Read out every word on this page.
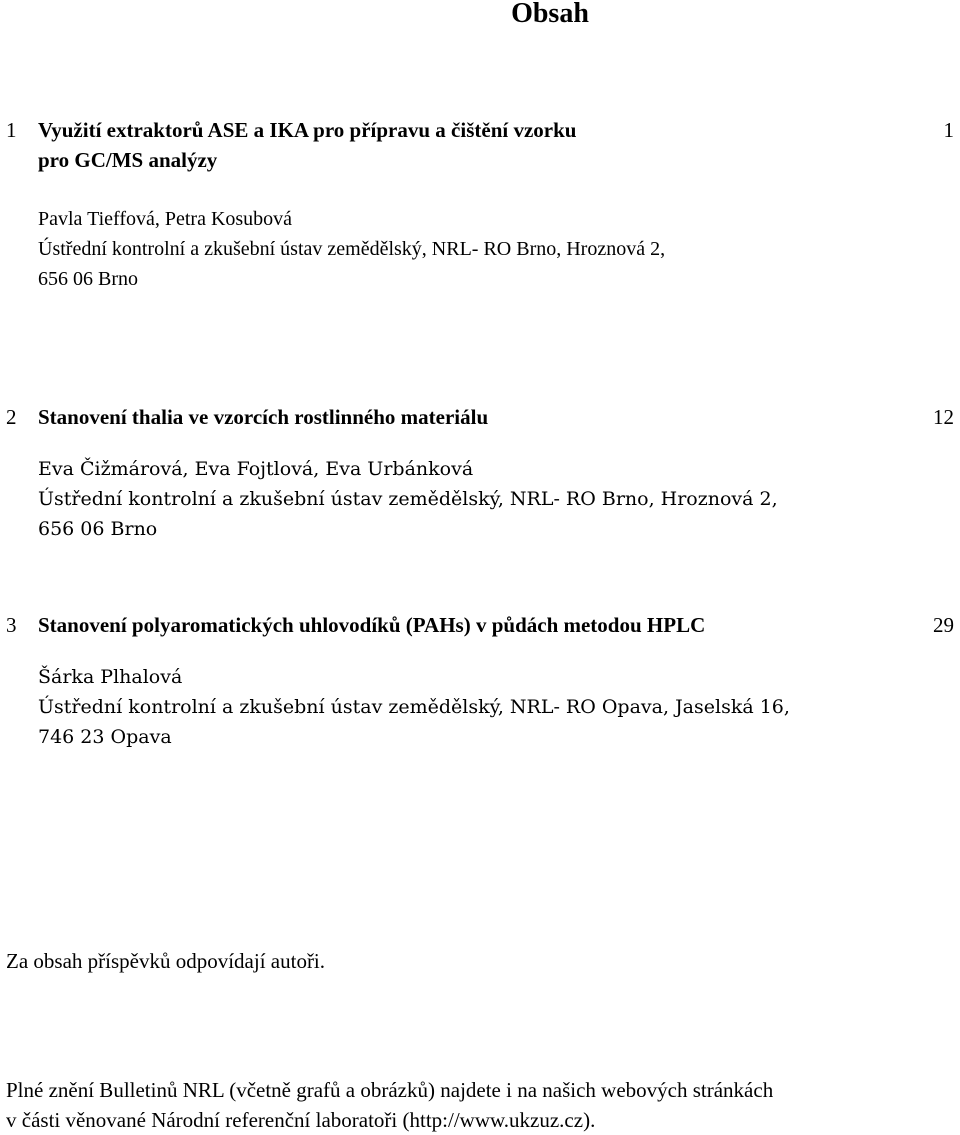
Obsah
1 Využití extraktorů ASE a IKA pro přípravu a čištění vzorku
pro GC/MS analýzy
1
Pavla Tieffová, Petra Kosubová
Ústřední kontrolní a zkušební ústav zemědělský, NRL- RO Brno, Hroznová 2,
656 06 Brno
2 Stanovení thalia ve vzorcích rostlinného materiálu	12
Eva Čižmárová, Eva Fojtlová, Eva Urbánková
Ústřední kontrolní a zkušební ústav zemědělský, NRL- RO Brno, Hroznová 2,
656 06 Brno
3 Stanovení polyaromatických uhlovodíků (PAHs) v půdách metodou HPLC	29
Šárka Plhalová
Ústřední kontrolní a zkušební ústav zemědělský, NRL- RO Opava, Jaselská 16,
746 23 Opava
Za obsah příspěvků odpovídají autoři.
Plné znění Bulletinů NRL (včetně grafů a obrázků) najdete i na našich webových stránkách
v části věnované Národní referenční laboratoři (http://www.ukzuz.cz).
